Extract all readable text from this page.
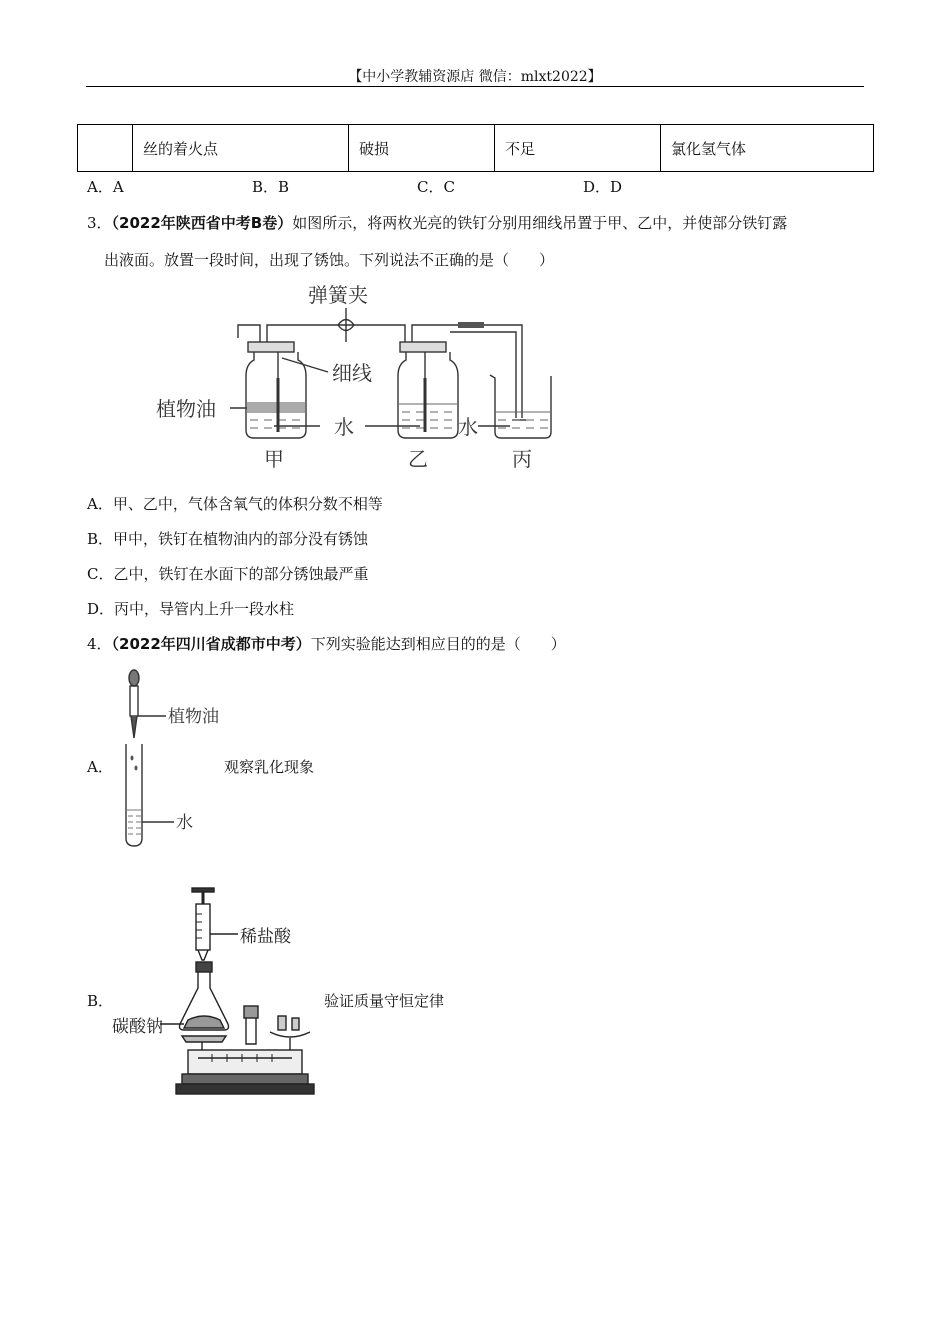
【中小学教辅资源店 微信：mlxt2022】
	丝的着火点	破损	不足	氯化氢气体
A．A	B．B	C．C	D．D
3．（2022年陕西省中考B卷）如图所示，将两枚光亮的铁钉分别用细线吊置于甲、乙中，并使部分铁钉露
出液面。放置一段时间，出现了锈蚀。下列说法不正确的是（　　）
弹簧夹
细线
植物油
水	水
甲	乙	丙
A．甲、乙中，气体含氧气的体积分数不相等
B．甲中，铁钉在植物油内的部分没有锈蚀
C．乙中，铁钉在水面下的部分锈蚀最严重
D．丙中，导管内上升一段水柱
4．（2022年四川省成都市中考）下列实验能达到相应目的的是（　　）
植物油
水
A．	观察乳化现象
稀盐酸
碳酸钠
B．	验证质量守恒定律
